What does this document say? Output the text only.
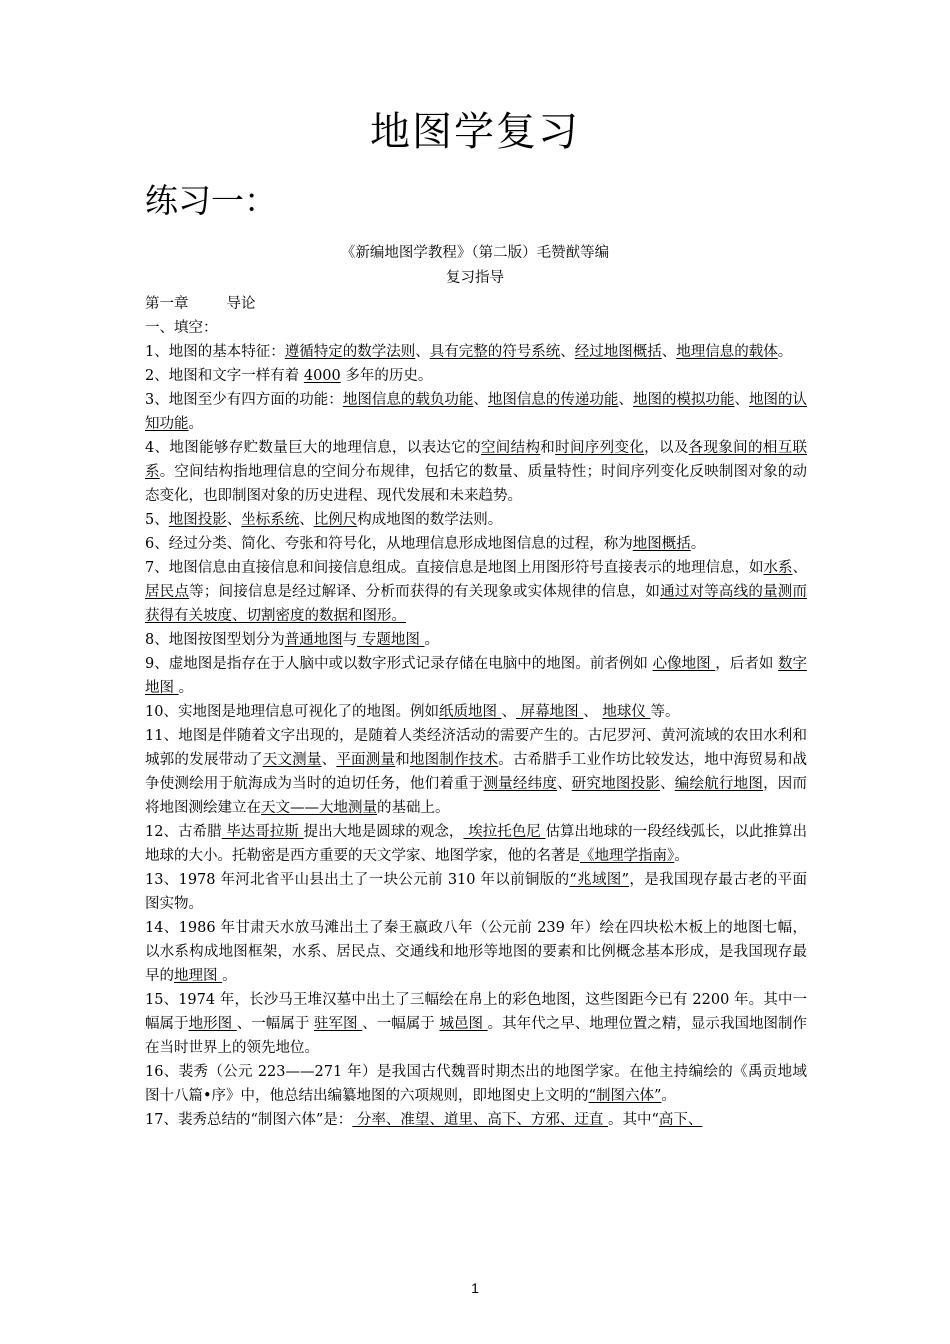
地图学复习
练习一：
《新编地图学教程》（第二版）毛赞猷等编
复习指导

第一章	导论

一、填空：

1、地图的基本特征：遵循特定的数学法则、具有完整的符号系统、经过地图概括、地理信息的载体。

2、地图和文字一样有着 4000 多年的历史。

3、地图至少有四方面的功能：地图信息的载负功能、地图信息的传递功能、地图的模拟功能、地图的认知功能。

4、地图能够存贮数量巨大的地理信息，以表达它的空间结构和时间序列变化，以及各现象间的相互联系。空间结构指地理信息的空间分布规律，包括它的数量、质量特性；时间序列变化反映制图对象的动态变化，也即制图对象的历史进程、现代发展和未来趋势。

5、地图投影、坐标系统、比例尺构成地图的数学法则。

6、经过分类、简化、夸张和符号化，从地理信息形成地图信息的过程，称为地图概括。

7、地图信息由直接信息和间接信息组成。直接信息是地图上用图形符号直接表示的地理信息，如水系、居民点等；间接信息是经过解译、分析而获得的有关现象或实体规律的信息，如通过对等高线的量测而获得有关坡度、切割密度的数据和图形。

8、地图按图型划分为普通地图与 专题地图 。

9、虚地图是指存在于人脑中或以数字形式记录存储在电脑中的地图。前者例如 心像地图 ，后者如 数字地图 。

10、实地图是地理信息可视化了的地图。例如纸质地图 、 屏幕地图 、 地球仪 等。

11、地图是伴随着文字出现的，是随着人类经济活动的需要产生的。古尼罗河、黄河流域的农田水利和城郭的发展带动了天文测量、平面测量和地图制作技术。古希腊手工业作坊比较发达，地中海贸易和战争使测绘用于航海成为当时的迫切任务，他们着重于测量经纬度、研究地图投影、编绘航行地图，因而将地图测绘建立在天文——大地测量的基础上。

12、古希腊 毕达哥拉斯 提出大地是圆球的观念， 埃拉托色尼 估算出地球的一段经线弧长，以此推算出地球的大小。托勒密是西方重要的天文学家、地图学家，他的名著是《地理学指南》。

13、1978 年河北省平山县出土了一块公元前 310 年以前铜版的“兆域图”，是我国现存最古老的平面图实物。

14、1986 年甘肃天水放马滩出土了秦王嬴政八年（公元前 239 年）绘在四块松木板上的地图七幅，以水系构成地图框架，水系、居民点、交通线和地形等地图的要素和比例概念基本形成，是我国现存最早的地理图 。

15、1974 年，长沙马王堆汉墓中出土了三幅绘在帛上的彩色地图，这些图距今已有 2200 年。其中一幅属于地形图 、一幅属于 驻军图 、一幅属于 城邑图 。其年代之早、地理位置之精，显示我国地图制作在当时世界上的领先地位。

16、裴秀（公元 223——271 年）是我国古代魏晋时期杰出的地图学家。在他主持编绘的《禹贡地域图十八篇•序》中，他总结出编纂地图的六项规则，即地图史上文明的“制图六体”。

17、裴秀总结的“制图六体”是： 分率、准望、道里、高下、方邪、迂直 。其中“高下、

1
